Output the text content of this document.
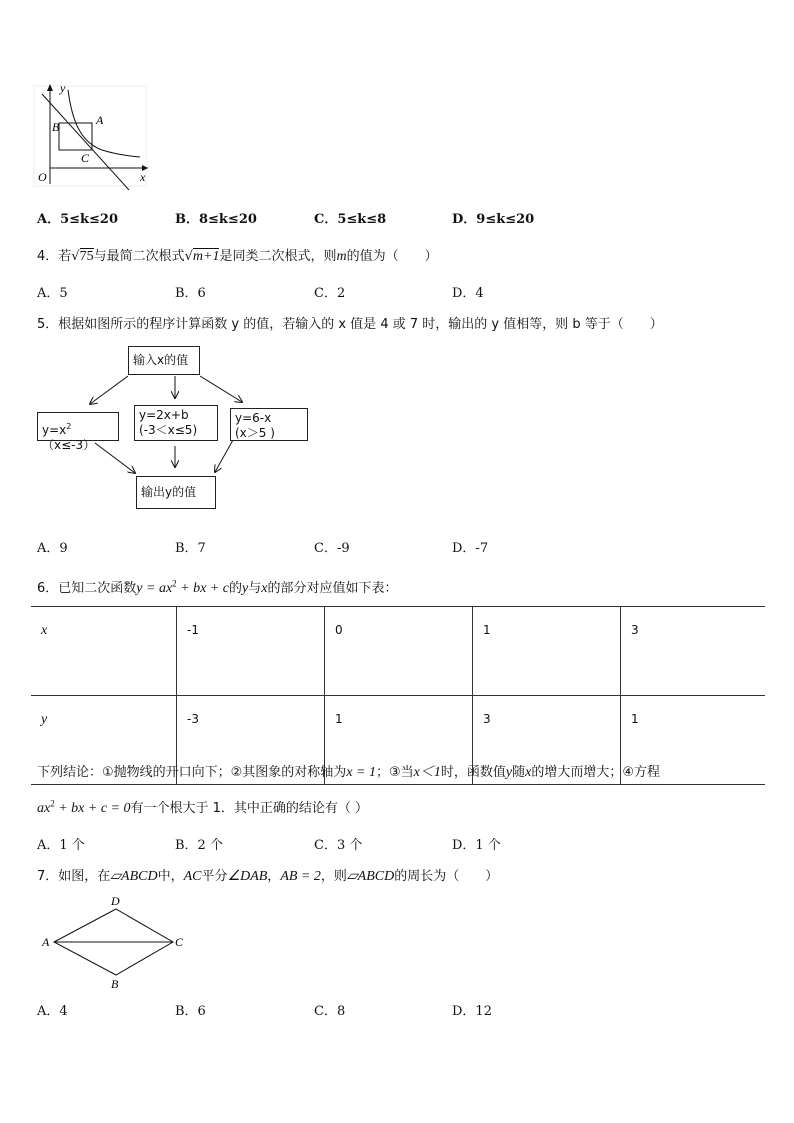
y
x
O
A
B
C
A．5≤k≤20	B．8≤k≤20	C．5≤k≤8	D．9≤k≤20
4．若√75与最简二次根式√m+1是同类二次根式，则m的值为（　　）
A．5	B．6	C．2	D．4
5．根据如图所示的程序计算函数 y 的值，若输入的 x 值是 4 或 7 时，输出的 y 值相等，则 b 等于（　　）
输入x的值
$y=x^2(x\le-3)$
y=2x+b
(-3＜x≤5)
y=6-x
(x＞5 )
输出y的值
A．9	B．7	C．-9	D．-7
6．已知二次函数$y = ax^2$ + bx + c的y与x的部分对应值如下表：
x	-1	0	1	3
y	-3	1	3	1
下列结论：①抛物线的开口向下；②其图象的对称轴为x = 1；③当x＜1时，函数值y随x的增大而增大；④方程
$ax^2$ + bx + c = 0有一个根大于 1．其中正确的结论有（ ）
A．1 个	B．2 个	C．3 个	D．1 个
7．如图，在▱ABCD中，AC平分∠DAB，AB = 2，则▱ABCD的周长为（　　）
A
D
C
B
A．4	B．6	C．8	D．12
